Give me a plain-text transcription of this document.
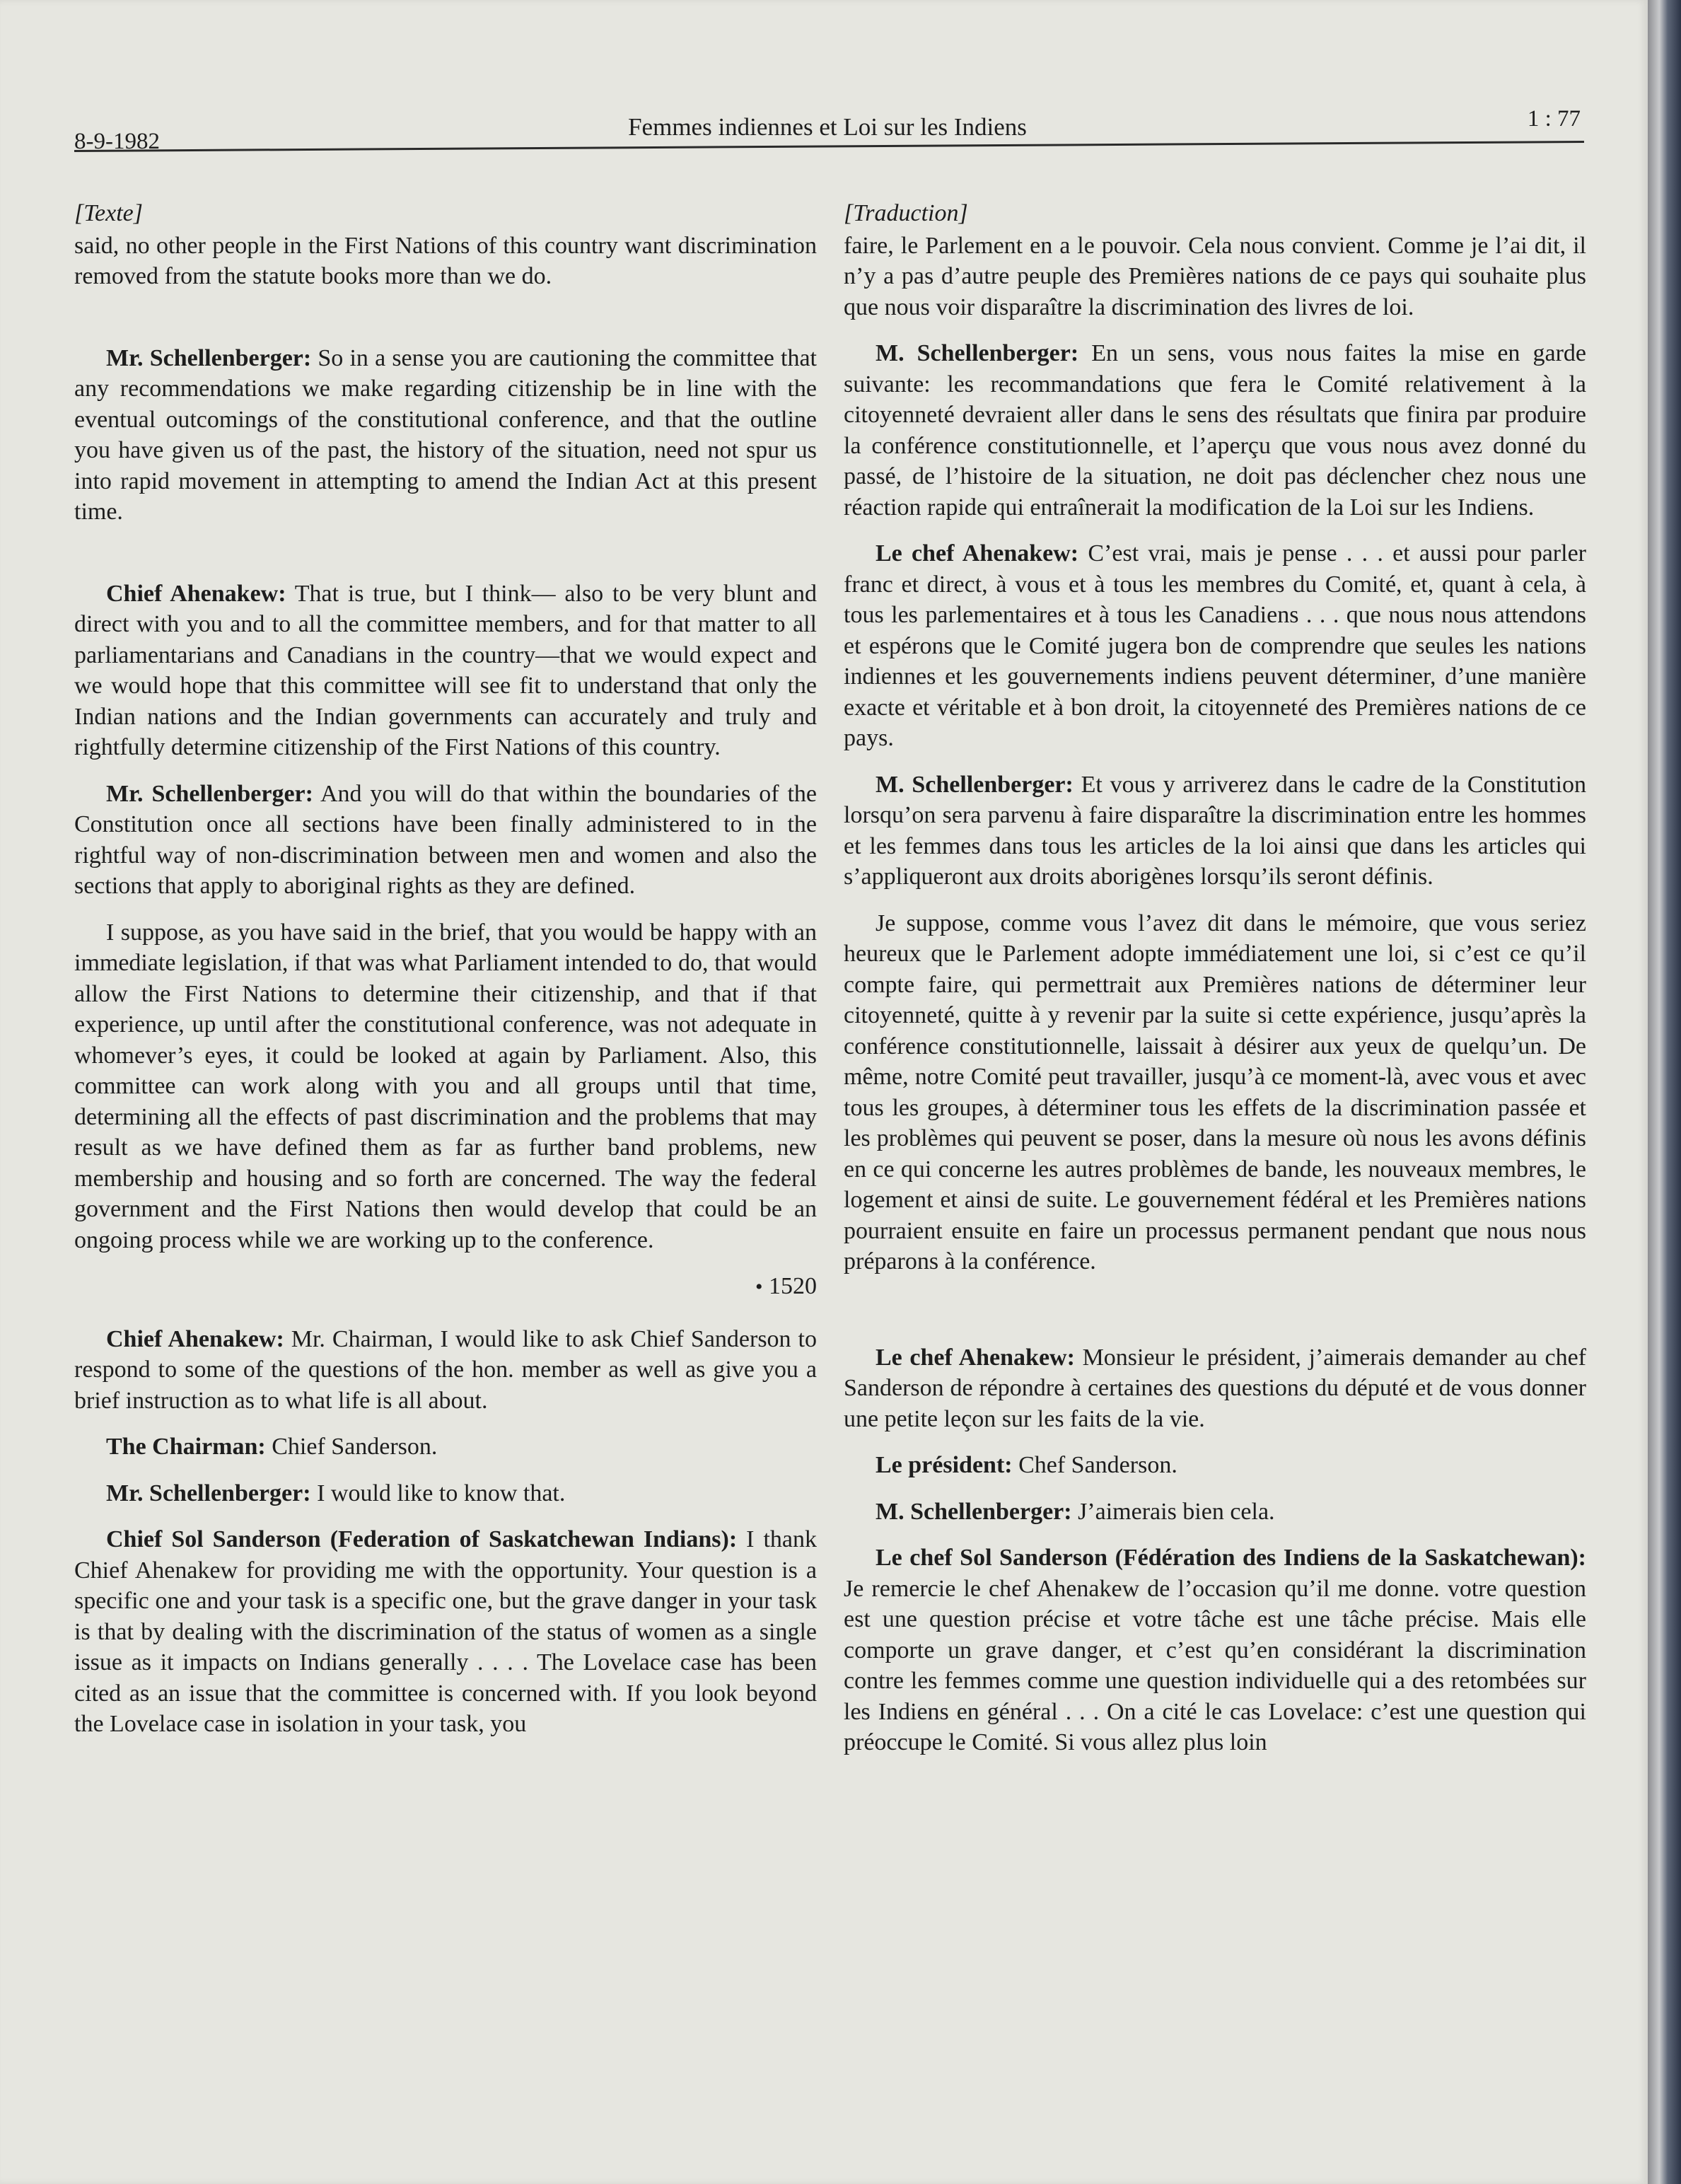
8-9-1982
Femmes indiennes et Loi sur les Indiens	1 : 77
[Texte]

said, no other people in the First Nations of this country want discrimination removed from the statute books more than we do.

Mr. Schellenberger: So in a sense you are cautioning the committee that any recommendations we make regarding citizenship be in line with the eventual outcomings of the constitutional conference, and that the outline you have given us of the past, the history of the situation, need not spur us into rapid movement in attempting to amend the Indian Act at this present time.

Chief Ahenakew: That is true, but I think— also to be very blunt and direct with you and to all the committee members, and for that matter to all parliamentarians and Canadians in the country—that we would expect and we would hope that this committee will see fit to understand that only the Indian nations and the Indian governments can accurately and truly and rightfully determine citizenship of the First Nations of this country.

Mr. Schellenberger: And you will do that within the boundaries of the Constitution once all sections have been finally administered to in the rightful way of non-discrimination between men and women and also the sections that apply to aboriginal rights as they are defined.

I suppose, as you have said in the brief, that you would be happy with an immediate legislation, if that was what Parliament intended to do, that would allow the First Nations to determine their citizenship, and that if that experience, up until after the constitutional conference, was not adequate in whomever’s eyes, it could be looked at again by Parliament. Also, this committee can work along with you and all groups until that time, determining all the effects of past discrimination and the problems that may result as we have defined them as far as further band problems, new membership and housing and so forth are concerned. The way the federal government and the First Nations then would develop that could be an ongoing process while we are working up to the conference.

• 1520

Chief Ahenakew: Mr. Chairman, I would like to ask Chief Sanderson to respond to some of the questions of the hon. member as well as give you a brief instruction as to what life is all about.

The Chairman: Chief Sanderson.

Mr. Schellenberger: I would like to know that.

Chief Sol Sanderson (Federation of Saskatchewan Indians): I thank Chief Ahenakew for providing me with the opportunity. Your question is a specific one and your task is a specific one, but the grave danger in your task is that by dealing with the discrimination of the status of women as a single issue as it impacts on Indians generally . . . . The Lovelace case has been cited as an issue that the committee is concerned with. If you look beyond the Lovelace case in isolation in your task, you

[Traduction]

faire, le Parlement en a le pouvoir. Cela nous convient. Comme je l’ai dit, il n’y a pas d’autre peuple des Premières nations de ce pays qui souhaite plus que nous voir disparaître la discrimination des livres de loi.

M. Schellenberger: En un sens, vous nous faites la mise en garde suivante: les recommandations que fera le Comité relativement à la citoyenneté devraient aller dans le sens des résultats que finira par produire la conférence constitutionnelle, et l’aperçu que vous nous avez donné du passé, de l’histoire de la situation, ne doit pas déclencher chez nous une réaction rapide qui entraînerait la modification de la Loi sur les Indiens.

Le chef Ahenakew: C’est vrai, mais je pense . . . et aussi pour parler franc et direct, à vous et à tous les membres du Comité, et, quant à cela, à tous les parlementaires et à tous les Canadiens . . . que nous nous attendons et espérons que le Comité jugera bon de comprendre que seules les nations indiennes et les gouvernements indiens peuvent déterminer, d’une manière exacte et véritable et à bon droit, la citoyenneté des Premières nations de ce pays.

M. Schellenberger: Et vous y arriverez dans le cadre de la Constitution lorsqu’on sera parvenu à faire disparaître la discrimination entre les hommes et les femmes dans tous les articles de la loi ainsi que dans les articles qui s’appliqueront aux droits aborigènes lorsqu’ils seront définis.

Je suppose, comme vous l’avez dit dans le mémoire, que vous seriez heureux que le Parlement adopte immédiatement une loi, si c’est ce qu’il compte faire, qui permettrait aux Premières nations de déterminer leur citoyenneté, quitte à y revenir par la suite si cette expérience, jusqu’après la conférence constitutionnelle, laissait à désirer aux yeux de quelqu’un. De même, notre Comité peut travailler, jusqu’à ce moment-là, avec vous et avec tous les groupes, à déterminer tous les effets de la discrimination passée et les problèmes qui peuvent se poser, dans la mesure où nous les avons définis en ce qui concerne les autres problèmes de bande, les nouveaux membres, le logement et ainsi de suite. Le gouvernement fédéral et les Premières nations pourraient ensuite en faire un processus permanent pendant que nous nous préparons à la conférence.

Le chef Ahenakew: Monsieur le président, j’aimerais demander au chef Sanderson de répondre à certaines des questions du député et de vous donner une petite leçon sur les faits de la vie.

Le président: Chef Sanderson.

M. Schellenberger: J’aimerais bien cela.

Le chef Sol Sanderson (Fédération des Indiens de la Saskatchewan): Je remercie le chef Ahenakew de l’occasion qu’il me donne. votre question est une question précise et votre tâche est une tâche précise. Mais elle comporte un grave danger, et c’est qu’en considérant la discrimination contre les femmes comme une question individuelle qui a des retombées sur les Indiens en général . . . On a cité le cas Lovelace: c’est une question qui préoccupe le Comité. Si vous allez plus loin
